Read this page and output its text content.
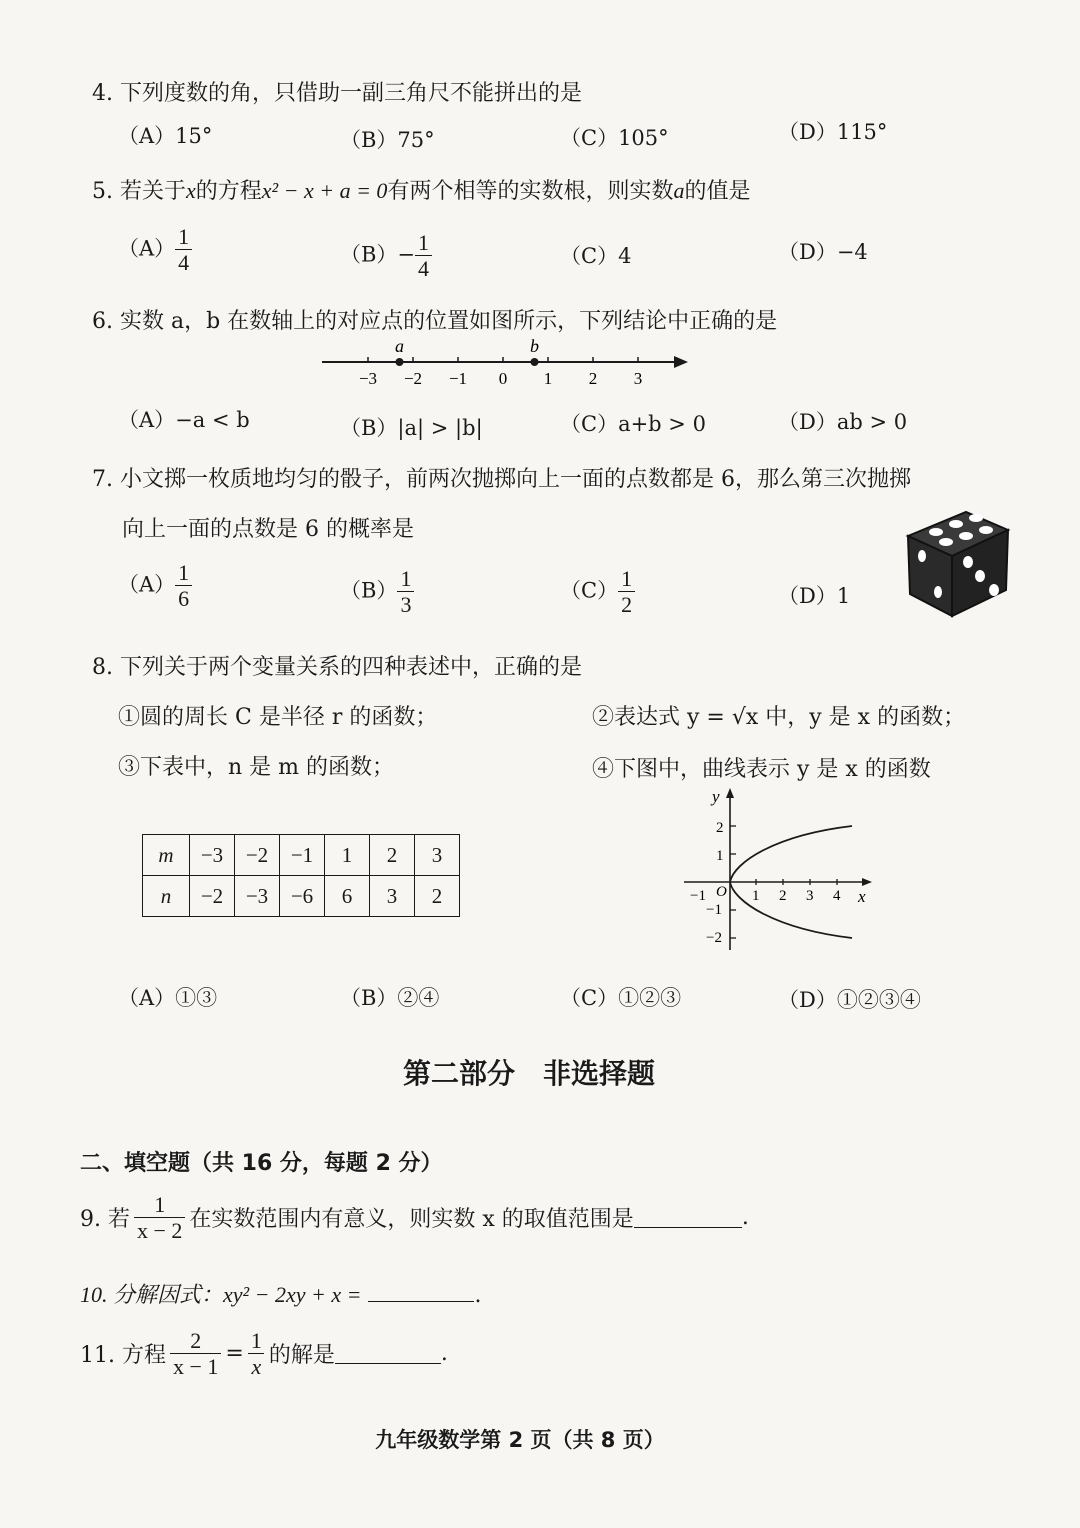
4. 下列度数的角，只借助一副三角尺不能拼出的是
（A）15°	（B）75°	（C）105°	（D）115°
5. 若关于x的方程x² − x + a = 0有两个相等的实数根，则实数a的值是
$(A) \frac{1}{4}$	$(B)- \frac{1}{4}$	（C）4	（D）−4
6. 实数 a，b 在数轴上的对应点的位置如图所示，下列结论中正确的是
−3 −2 −1 0 1 2 3
a	b
（A）−a < b	（B）|a| > |b|	（C）a+b > 0	（D）ab > 0
7. 小文掷一枚质地均匀的骰子，前两次抛掷向上一面的点数都是 6，那么第三次抛掷
向上一面的点数是 6 的概率是
$(A) \frac{1}{6}$	$(B) \frac{1}{3}$	$(C) \frac{1}{2}$	（D）1
8. 下列关于两个变量关系的四种表述中，正确的是
①圆的周长 C 是半径 r 的函数；	②表达式 y = √x 中，y 是 x 的函数；
③下表中，n 是 m 的函数；	④下图中，曲线表示 y 是 x 的函数
m	−3	−2	−1	1	2	3
n	−2	−3	−6	6	3	2
y
x
O
−1	1 2 3 4
2
1
−1
−2
（A）①③	（B）②④	（C）①②③	（D）①②③④
第二部分　非选择题
二、填空题（共 16 分，每题 2 分）
9. 若 $\frac{1}{x - 2}$ 在实数范围内有意义，则实数 x 的取值范围是	.
10. 分解因式：xy² − 2xy + x =	.
11. 方程 $\frac{2}{x - 1} = \frac{1}{x}$ 的解是	.
九年级数学第 2 页（共 8 页）
